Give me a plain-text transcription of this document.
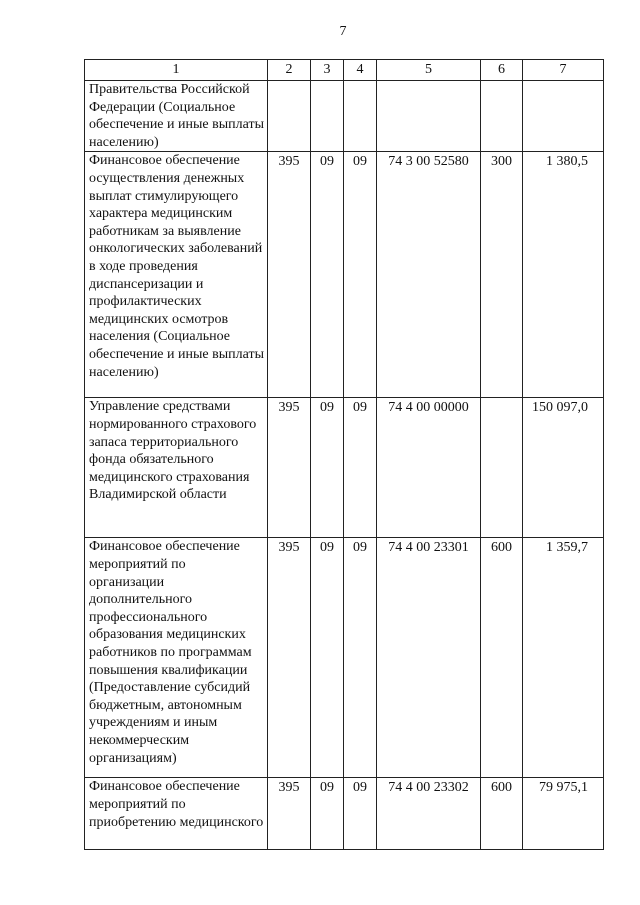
7
1	2	3	4	5	6	7
Правительства Российской Федерации (Социальное обеспечение и иные выплаты населению)						
Финансовое обеспечение осуществления денежных выплат стимулирующего характера медицинским работникам за выявление онкологических заболеваний в ходе проведения диспансеризации и профилактических медицинских осмотров населения (Социальное обеспечение и иные выплаты населению)	395	09	09	74 3 00 52580	300	1 380,5
Управление средствами нормированного страхового запаса территориального фонда обязательного медицинского страхования Владимирской области	395	09	09	74 4 00 00000		150 097,0
Финансовое обеспечение мероприятий по организации дополнительного профессионального образования медицинских работников по программам повышения квалификации (Предоставление субсидий бюджетным, автономным учреждениям и иным некоммерческим организациям)	395	09	09	74 4 00 23301	600	1 359,7
Финансовое обеспечение мероприятий по приобретению медицинского	395	09	09	74 4 00 23302	600	79 975,1
